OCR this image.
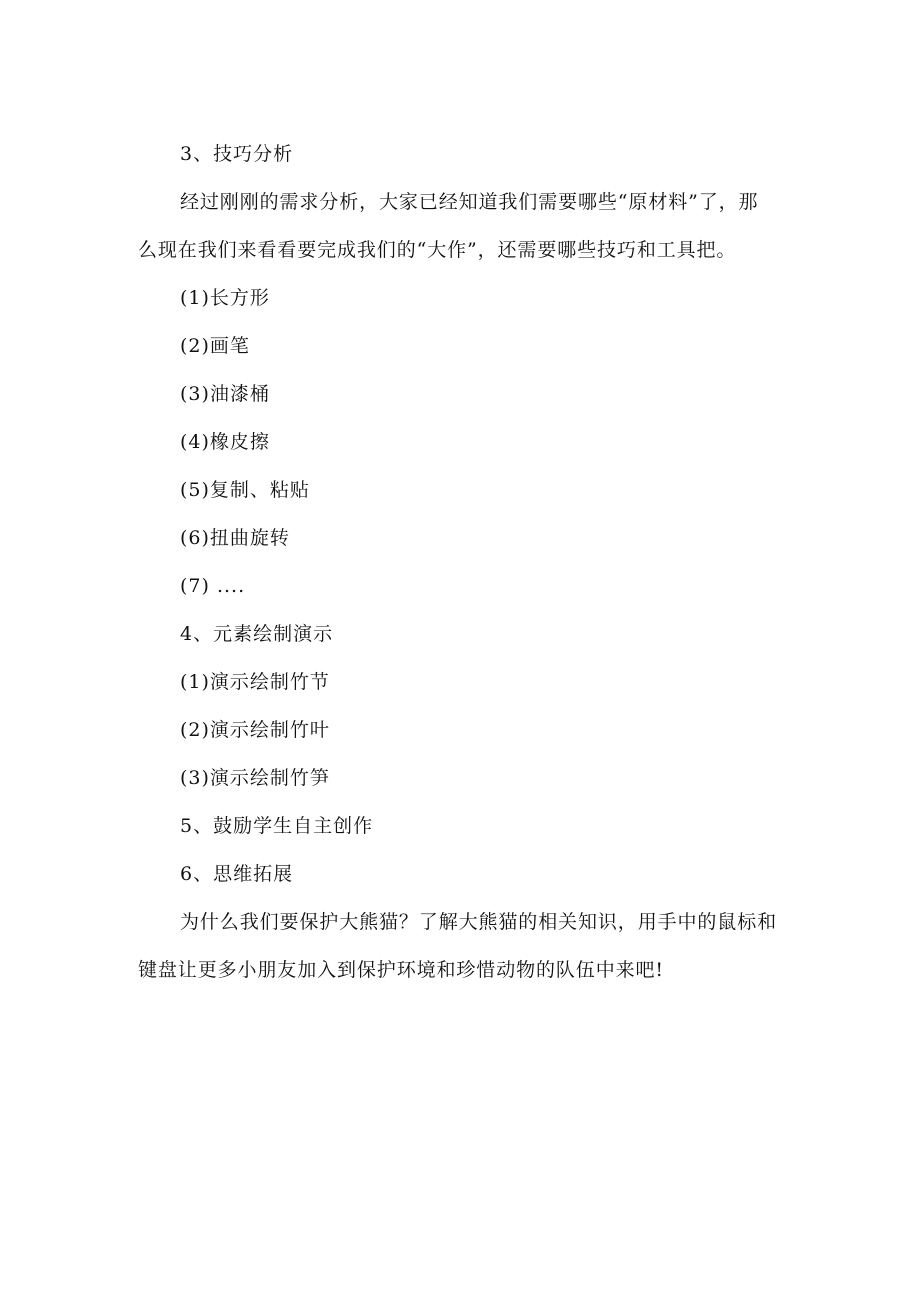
3、技巧分析
经过刚刚的需求分析，大家已经知道我们需要哪些“原材料”了，那
么现在我们来看看要完成我们的“大作”，还需要哪些技巧和工具把。
(1)长方形
(2)画笔
(3)油漆桶
(4)橡皮擦
(5)复制、粘贴
(6)扭曲旋转
(7) ....
4、元素绘制演示
(1)演示绘制竹节
(2)演示绘制竹叶
(3)演示绘制竹笋
5、鼓励学生自主创作
6、思维拓展
为什么我们要保护大熊猫？了解大熊猫的相关知识，用手中的鼠标和
键盘让更多小朋友加入到保护环境和珍惜动物的队伍中来吧!
